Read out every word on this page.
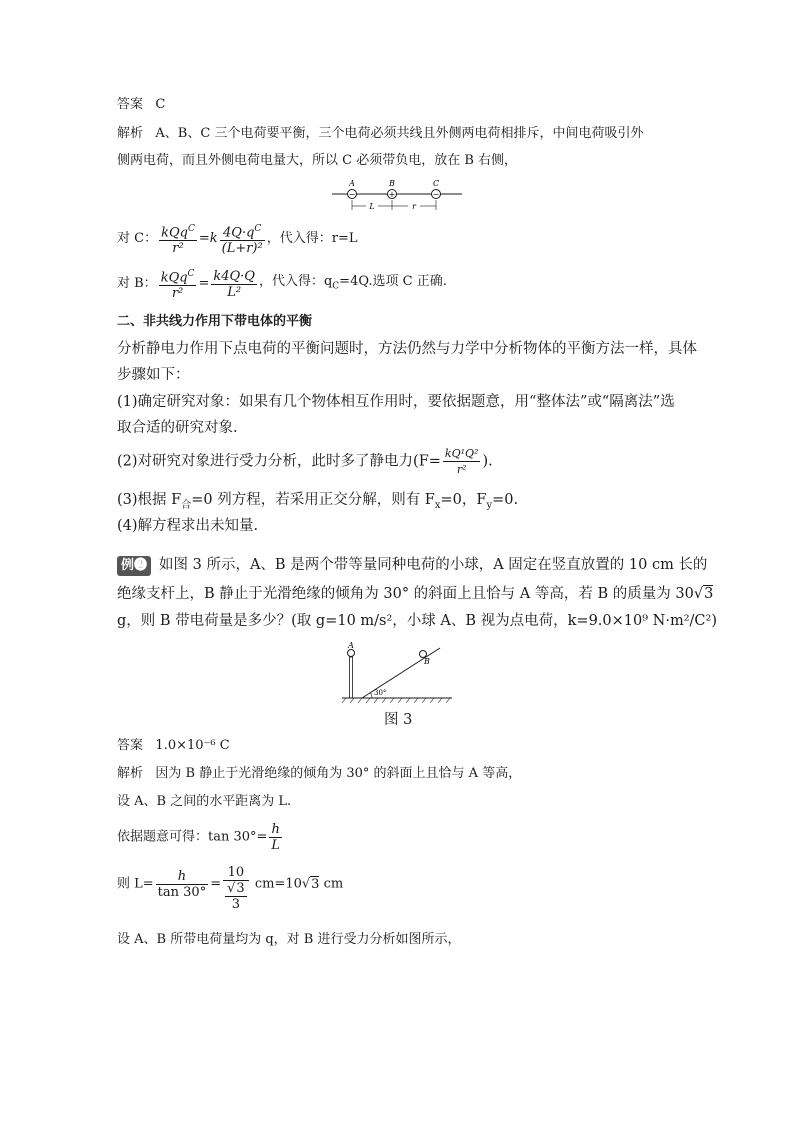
答案 C
解析 A、B、C 三个电荷要平衡，三个电荷必须共线且外侧两电荷相排斥，中间电荷吸引外
侧两电荷，而且外侧电荷电量大，所以 C 必须带负电，放在 B 右侧，
−	+	−
A	B	C
L	r
对 C： $\frac{kQq^C}{\text{r²}} =k \frac{4Q\cdot q^C}{\text{(L+r)²}}$ ，代入得：r=L
对 B： $\frac{kQq^C}{\text{r²}} = \frac{k4Q\cdot Q}{\text{L²}}$ ，代入得：$q_C=4Q$.选项 C 正确.
二、非共线力作用下带电体的平衡
分析静电力作用下点电荷的平衡问题时，方法仍然与力学中分析物体的平衡方法一样，具体
步骤如下：
(1)确定研究对象：如果有几个物体相互作用时，要依据题意，用“整体法”或“隔离法”选
取合适的研究对象.
(2)对研究对象进行受力分析，此时多了静电力($F= \frac{\text{kQ¹Q²}}{\text{r²}}$ ).
(3)根据 $F_合=0$ 列方程，若采用正交分解，则有 $F_x=0$，$F_y=0$.
(4)解方程求出未知量.
例❷ 如图 3 所示，A、B 是两个带等量同种电荷的小球，A 固定在竖直放置的 10 cm 长的
绝缘支杆上，B 静止于光滑绝缘的倾角为 30° 的斜面上且恰与 A 等高，若 B 的质量为 30√3
g，则 B 带电荷量是多少？(取 g=10 m/s²，小球 A、B 视为点电荷，k=9.0×10⁹ N·m²/C²)
A
30°
B
图 3
答案 1.0×10⁻⁶ C
解析 因为 B 静止于光滑绝缘的倾角为 30° 的斜面上且恰与 A 等高，
设 A、B 之间的水平距离为 L.
依据题意可得：$\tan 30^\circ= \frac{h}{L}$
则 $L= \frac{h}{\tan 30^\circ} = \frac{10}{\frac{√3}{3}} cm=10√3$ cm
设 A、B 所带电荷量均为 q，对 B 进行受力分析如图所示，
